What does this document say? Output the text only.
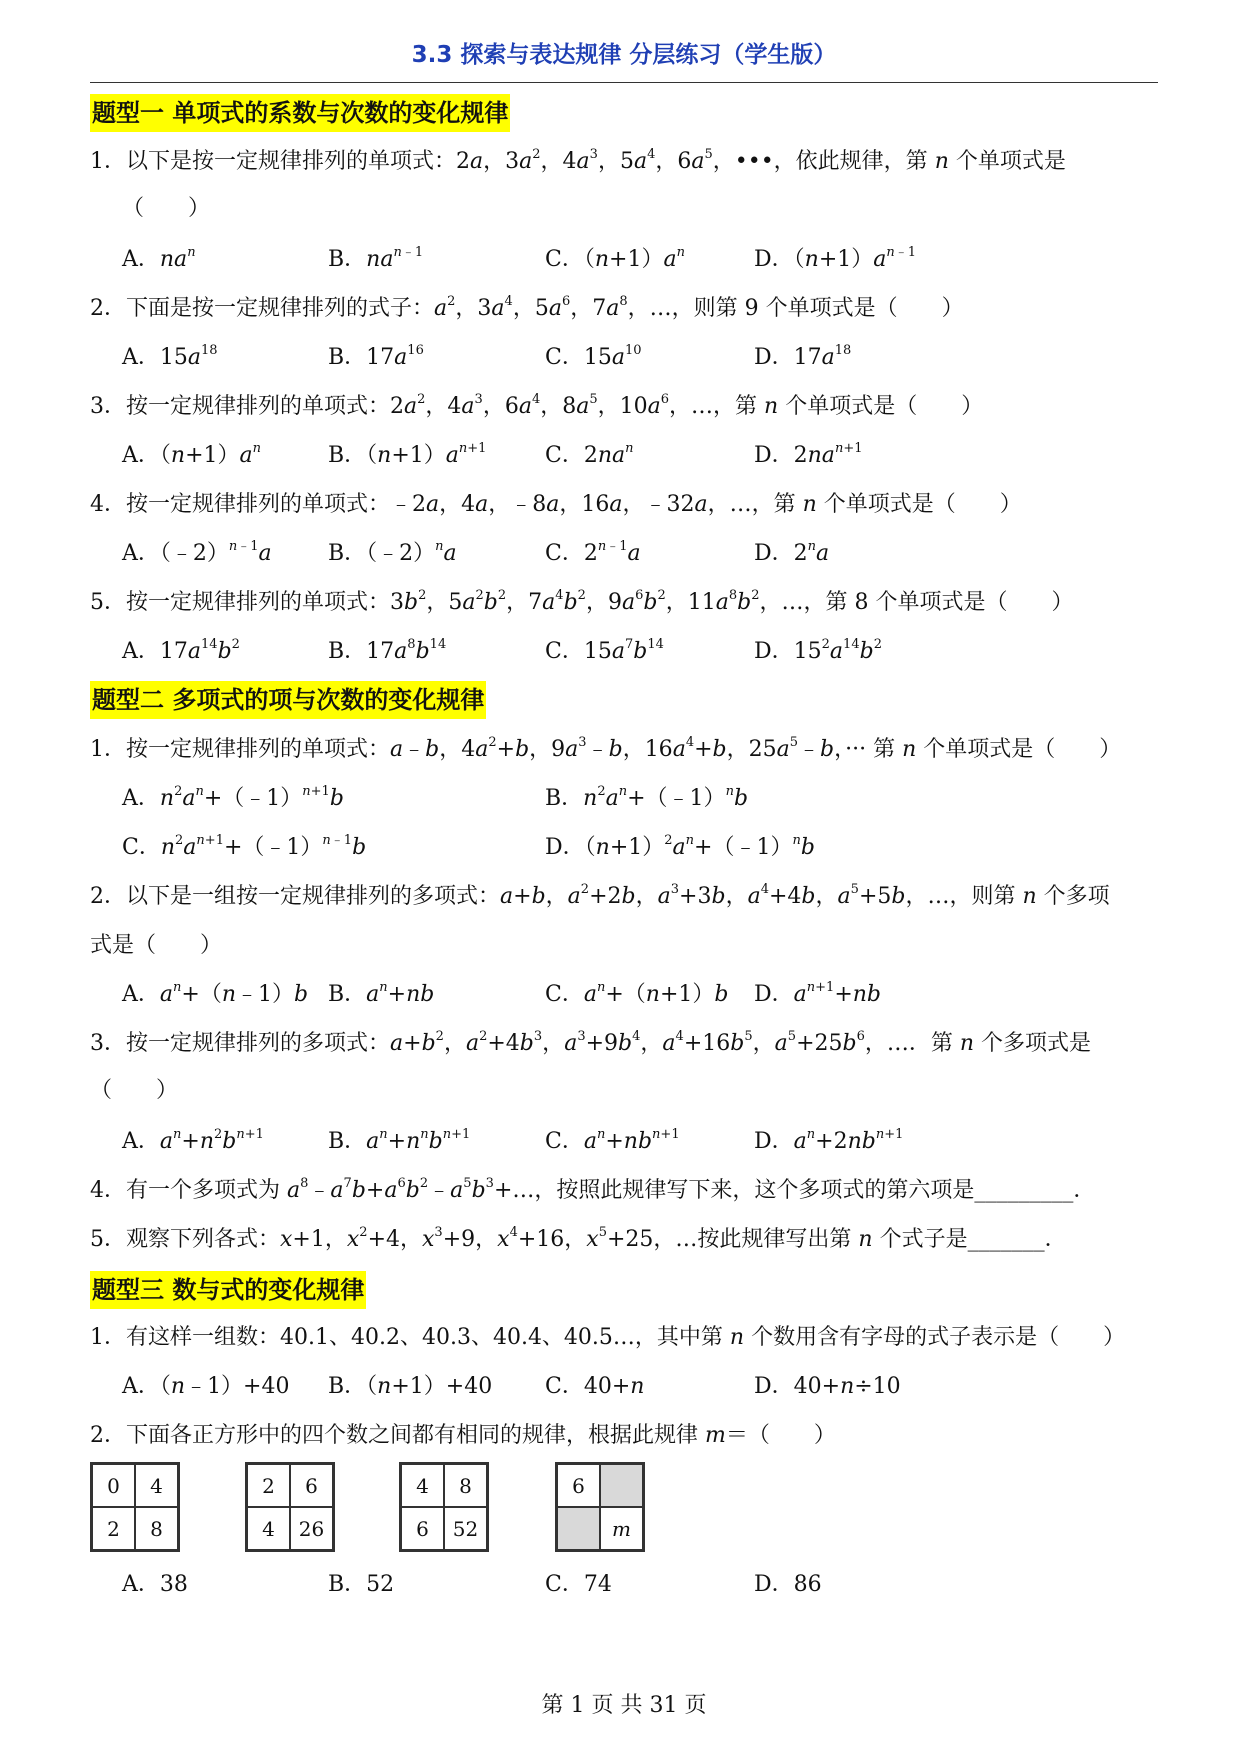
3.3 探索与表达规律 分层练习（学生版）
题型一 单项式的系数与次数的变化规律
1．以下是按一定规律排列的单项式：2a，$3a^2$，$4a^3$，$5a^4$，$6a^5$，•••，依此规律，第 n 个单项式是
（　　）
A．$na^n$	B．$na^{n﹣1}$	C．$(n+1)a^n$	D．$(n+1)a^{n﹣1}$
2．下面是按一定规律排列的式子：$a^2$，$3a^4$，$5a^6$，$7a^8$，…，则第 9 个单项式是（　　）
A．$15a^{18}$	B．$17a^{16}$	C．$15a^{10}$	D．$17a^{18}$
3．按一定规律排列的单项式：$2a^2$，$4a^3$，$6a^4$，$8a^5$，$10a^6$，…，第 n 个单项式是（　　）
A．$(n+1)a^n$	B．$(n+1)a^{n+1}$	C．$2na^n$	D．$2na^{n+1}$
4．按一定规律排列的单项式：﹣2a，4a，﹣8a，16a，﹣32a，…，第 n 个单项式是（　　）
A．（﹣2）$^{n﹣1}$a	B．（﹣2）$^n$a	C．$2^{n﹣1}a$	D．2$^n$a
5．按一定规律排列的单项式：$3b^2$，$5a^2b^2$，$7a^4b^2$，$9a^6b^2$，$11a^8b^2$，…，第 8 个单项式是（　　）
A．$17a^{14}b^2$	B．$17a^8b^{14}$	C．$15a^7b^{14}$	D．$15^2a^{14}b^2$
题型二 多项式的项与次数的变化规律
1．按一定规律排列的单项式：a﹣b，$4a^2+b$，$9a^3﹣b$，$16a^4+b$，$25a^5﹣b$，··· 第 n 个单项式是（　　）
A．$n^2a^n+(﹣1)^{n+1}b$	B．$n^2a^n+(﹣1)^nb$
C．$n^2a^{n+1}+(﹣1)^{n﹣1}b$	D．$(n+1)^2a^n+(﹣1)^nb$
2．以下是一组按一定规律排列的多项式：a+b，$a^2+2b$，$a^3+3b$，$a^4+4b$，$a^5+5b$，…，则第 n 个多项
式是（　　）
A．$a^n+(n﹣1)b$ B．$a^n+nb$	C．$a^n+(n+1)b$ D．$a^{n+1}+nb$
3．按一定规律排列的多项式：$a+b^2$，$a^2+4b^3$，$a^3+9b^4$，$a^4+16b^5$，$a^5+25b^6$，…．第 n 个多项式是
（　　）
A．$a^n+n^2b^{n+1}$	B．$a^n+n^nb^{n+1}$	C．$a^n+nb^{n+1}$	D．$a^n+2nb^{n+1}$
4．有一个多项式为 $a^8﹣a^7b+a^6b^2﹣a^5b^3+\dots$，按照此规律写下来，这个多项式的第六项是_________．
5．观察下列各式：x+1，$x^2+4$，$x^3+9$，$x^4+16$，$x^5+25$，…按此规律写出第 n 个式子是_______．
题型三 数与式的变化规律
1．有这样一组数：40.1、40.2、40.3、40.4、40.5…，其中第 n 个数用含有字母的式子表示是（　　）
A．（n﹣1）+40 B．（n+1）+40 C．40+n	D．40+n÷10
2．下面各正方形中的四个数之间都有相同的规律，根据此规律 m＝（　　）
0	4
2	8
2	6
4	26
4	8
6	52
6
m
A．38	B．52	C．74	D．86
第 1 页 共 31 页
